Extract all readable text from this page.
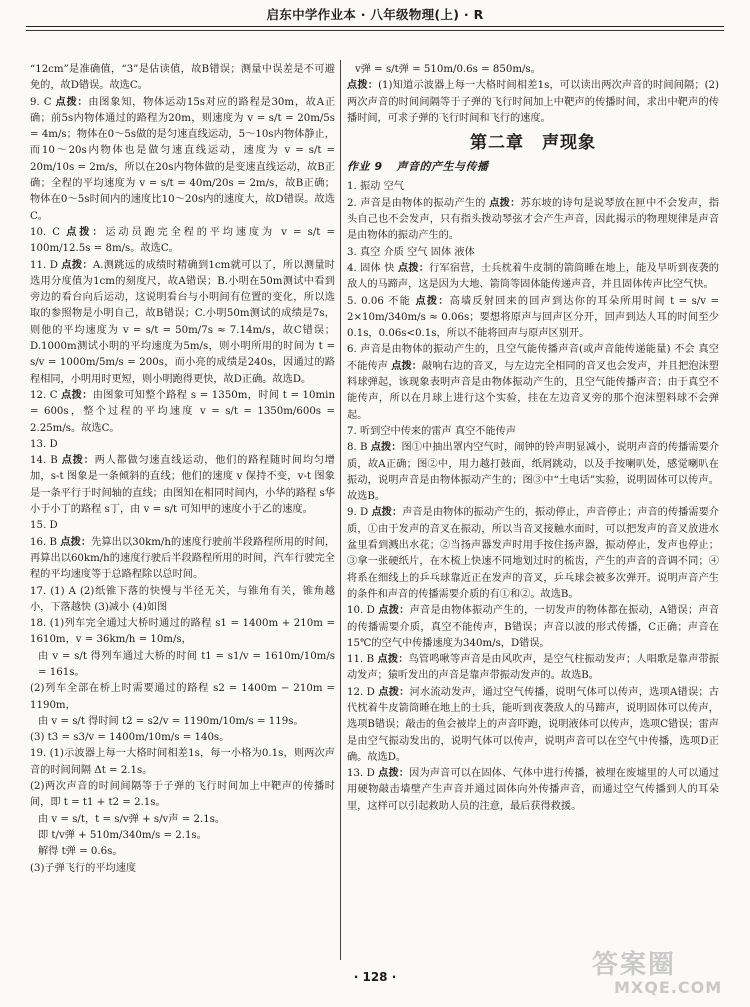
启东中学作业本 · 八年级物理(上) · R

“12cm”是准确值，“3”是估读值，故B错误；测量中误差是不可避免的，故D错误。故选C。

9. C 点拨：由图象知，物体运动15s对应的路程是30m，故A正确；前5s内物体通过的路程为20m，则速度为 v = s/t = 20m/5s = 4m/s；物体在0～5s做的是匀速直线运动，5～10s内物体静止，而10～20s内物体也是做匀速直线运动，速度为 v = s/t = 20m/10s = 2m/s，所以在20s内物体做的是变速直线运动，故B正确；全程的平均速度为 v = s/t = 40m/20s = 2m/s，故B正确；物体在0～5s时间内的速度比10～20s内的速度大，故D错误。故选C。

10. C 点拨：运动员跑完全程的平均速度为 v = s/t = 100m/12.5s = 8m/s。故选C。

11. D 点拨：A.测跳远的成绩时精确到1cm就可以了，所以测量时选用分度值为1cm的刻度尺，故A错误；B.小明在50m测试中看到旁边的看台向后运动，这说明看台与小明间有位置的变化，所以选取的参照物是小明自己，故B错误；C.小明50m测试的成绩是7s，则他的平均速度为 v = s/t = 50m/7s ≈ 7.14m/s，故C错误；D.1000m测试小明的平均速度为5m/s，则小明所用的时间为 t = s/v = 1000m/5m/s = 200s，而小亮的成绩是240s，因通过的路程相同，小明用时更短，则小明跑得更快，故D正确。故选D。

12. C 点拨：由图象可知整个路程 s = 1350m，时间 t = 10min = 600s，整个过程的平均速度 v = s/t = 1350m/600s = 2.25m/s。故选C。

13. D

14. B 点拨：两人都做匀速直线运动，他们的路程随时间均匀增加，s-t 图象是一条倾斜的直线；他们的速度 v 保持不变，v-t 图象是一条平行于时间轴的直线；由图知在相同时间内，小华的路程 s华 小于小丁的路程 s丁，由 v = s/t 可知甲的速度小于乙的速度。

15. D

16. B 点拨：先算出以30km/h的速度行驶前半段路程所用的时间，再算出以60km/h的速度行驶后半段路程所用的时间，汽车行驶完全程的平均速度等于总路程除以总时间。

17. (1) A (2)纸锥下落的快慢与半径无关，与锥角有关，锥角越小，下落越快 (3)减小 (4)如图

18. (1)列车完全通过大桥时通过的路程 s1 = 1400m + 210m = 1610m，v = 36km/h = 10m/s，

由 v = s/t 得列车通过大桥的时间 t1 = s1/v = 1610m/10m/s = 161s。

(2)列车全部在桥上时需要通过的路程 s2 = 1400m − 210m = 1190m，

由 v = s/t 得时间 t2 = s2/v = 1190m/10m/s = 119s。

(3) t3 = s3/v = 1400m/10m/s = 140s。

19. (1)示波器上每一大格时间相差1s，每一小格为0.1s，则两次声音的时间间隔 Δt = 2.1s。

(2)两次声音的时间间隔等于子弹的飞行时间加上中靶声的传播时间，即 t = t1 + t2 = 2.1s。

由 v = s/t，t = s/v弹 + s/v声 = 2.1s。

即 t/v弹 + 510m/340m/s = 2.1s。

解得 t弹 = 0.6s。

(3)子弹飞行的平均速度

v弹 = s/t弹 = 510m/0.6s = 850m/s。

点拨：(1)知道示波器上每一大格时间相差1s，可以读出两次声音的时间间隔；(2)两次声音的时间间隔等于子弹的飞行时间加上中靶声的传播时间，求出中靶声的传播时间，可求子弹的飞行时间和飞行的速度。

第二章　声现象
作业 9 声音的产生与传播

1. 振动 空气

2. 声音是由物体的振动产生的 点拨：苏东坡的诗句是说琴放在匣中不会发声，指头自己也不会发声，只有指头拨动琴弦才会产生声音，因此揭示的物理规律是声音是由物体的振动产生的。

3. 真空 介质 空气 固体 液体

4. 固体 快 点拨：行军宿营，士兵枕着牛皮制的箭筒睡在地上，能及早听到夜袭的敌人的马蹄声，这是因为大地、箭筒等固体能传递声音，并且固体传声比空气快。

5. 0.06 不能 点拨：高墙反射回来的回声到达你的耳朵所用时间 t = s/v = 2×10m/340m/s ≈ 0.06s；要想将原声与回声区分开，回声到达人耳的时间至少0.1s，0.06s<0.1s，所以不能将回声与原声区别开。

6. 声音是由物体的振动产生的，且空气能传播声音(或声音能传递能量) 不会 真空不能传声 点拨：敲响右边的音叉，与左边完全相同的音叉也会发声，并且把泡沫塑料球弹起，该现象表明声音是由物体振动产生的，且空气能传播声音；由于真空不能传声，所以在月球上进行这个实验，挂在左边音叉旁的那个泡沫塑料球不会弹起。

7. 听到空中传来的雷声 真空不能传声

8. B 点拨：图①中抽出罩内空气时，闹钟的铃声明显减小，说明声音的传播需要介质，故A正确；图②中，用力越打鼓面，纸屑跳动，以及手按喇叭处，感觉喇叭在振动，说明声音是由物体振动产生的；图③中“土电话”实验，说明固体可以传声。故选B。

9. D 点拨：声音是由物体的振动产生的，振动停止，声音停止；声音的传播需要介质，①由于发声的音叉在振动，所以当音叉接触水面时，可以把发声的音叉放进水盆里看到溅出水花；②当扬声器发声时用手按住扬声器，振动停止，发声也停止；③拿一张硬纸片，在木梳上快速不同地划过时的梳齿，产生的声音的音调不同；④将系在细线上的乒乓球靠近正在发声的音叉，乒乓球会被多次弹开。说明声音产生的条件和声音的传播需要介质的有①和②。故选B。

10. D 点拨：声音是由物体振动产生的，一切发声的物体都在振动，A错误；声音的传播需要介质，真空不能传声，B错误；声音以波的形式传播，C正确；声音在15℃的空气中传播速度为340m/s，D错误。

11. B 点拨：鸟管鸣啾等声音是由风吹声，是空气柱振动发声；人唱歌是靠声带振动发声；猿听发出的声音是靠声带振动发声的。故选B。

12. D 点拨：河水流动发声，通过空气传播，说明气体可以传声，选项A错误；古代枕着牛皮箭筒睡在地上的士兵，能听到夜袭敌人的马蹄声，说明固体可以传声，选项B错误；敲击的鱼会被岸上的声音吓跑，说明液体可以传声，选项C错误；雷声是由空气振动发出的，说明气体可以传声，说明声音可以在空气中传播，选项D正确。故选D。

13. D 点拨：因为声音可以在固体、气体中进行传播，被埋在废墟里的人可以通过用硬物敲击墙壁产生声音并通过固体向外传播声音，而通过空气传播到人的耳朵里，这样可以引起救助人员的注意，最后获得救援。

· 128 ·	答案圈
MXQE.COM
